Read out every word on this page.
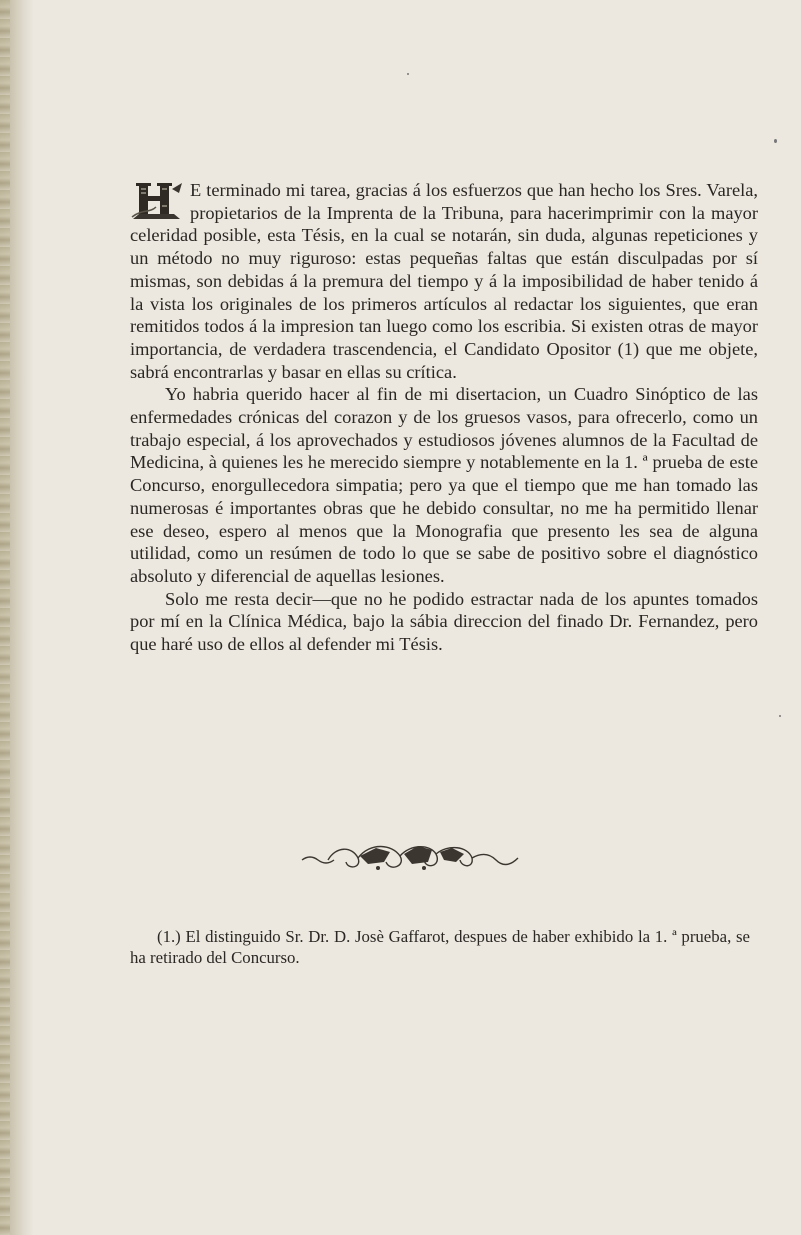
E terminado mi tarea, gracias á los esfuerzos que han hecho los Sres. Varela, propietarios de la Imprenta de la Tribuna, para hacerimprimir con la mayor celeridad posible, esta Tésis, en la cual se notarán, sin duda, algunas repeticiones y un método no muy riguroso: estas pequeñas faltas que están disculpadas por sí mismas, son debidas á la premura del tiempo y á la imposibilidad de haber tenido á la vista los originales de los primeros artículos al redactar los siguientes, que eran remitidos todos á la impresion tan luego como los escribia. Si existen otras de mayor importancia, de verdadera trascendencia, el Candidato Opositor (1) que me objete, sabrá encontrarlas y basar en ellas su crítica.

Yo habria querido hacer al fin de mi disertacion, un Cuadro Sinóptico de las enfermedades crónicas del corazon y de los gruesos vasos, para ofrecerlo, como un trabajo especial, á los aprovechados y estudiosos jóvenes alumnos de la Facultad de Medicina, à quienes les he merecido siempre y notablemente en la 1. ª prueba de este Concurso, enorgullecedora simpatia; pero ya que el tiempo que me han tomado las numerosas é importantes obras que he debido consultar, no me ha permitido llenar ese deseo, espero al menos que la Monografia que presento les sea de alguna utilidad, como un resúmen de todo lo que se sabe de positivo sobre el diagnóstico absoluto y diferencial de aquellas lesiones.

Solo me resta decir—que no he podido estractar nada de los apuntes tomados por mí en la Clínica Médica, bajo la sábia direccion del finado Dr. Fernandez, pero que haré uso de ellos al defender mi Tésis.

(1.) El distinguido Sr. Dr. D. Josè Gaffarot, despues de haber exhibido la 1. ª prueba, se ha retirado del Concurso.
